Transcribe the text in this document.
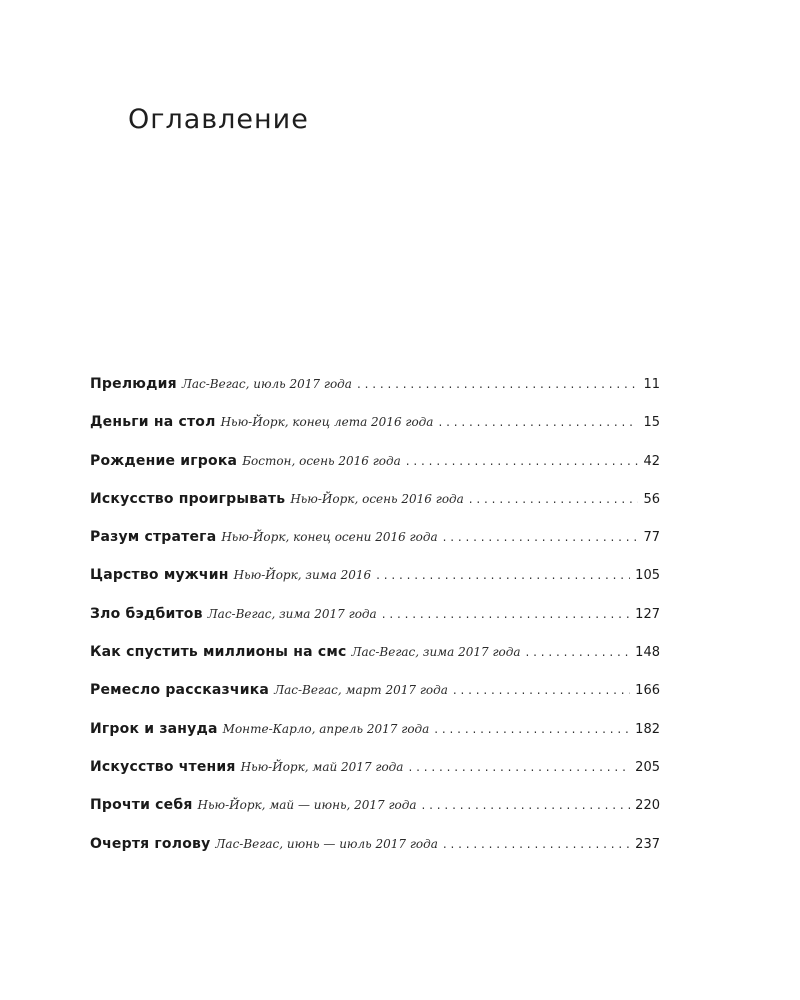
Оглавление
Прелюдия Лас-Вегас, июль 2017 года . . .	11
Деньги на стол Нью-Йорк, конец лета 2016 года . . .	15
Рождение игрока Бостон, осень 2016 года . . .	42
Искусство проигрывать Нью-Йорк, осень 2016 года . . .	56
Разум стратега Нью-Йорк, конец осени 2016 года . . .	77
Царство мужчин Нью-Йорк, зима 2016 . . .	105
Зло бэдбитов Лас-Вегас, зима 2017 года . . .	127
Как спустить миллионы на смс Лас-Вегас, зима 2017 года . . .	148
Ремесло рассказчика Лас-Вегас, март 2017 года . . .	166
Игрок и зануда Монте-Карло, апрель 2017 года . . .	182
Искусство чтения Нью-Йорк, май 2017 года . . .	205
Прочти себя Нью-Йорк, май — июнь, 2017 года . . .	220
Очертя голову Лас-Вегас, июнь — июль 2017 года . . .	237
